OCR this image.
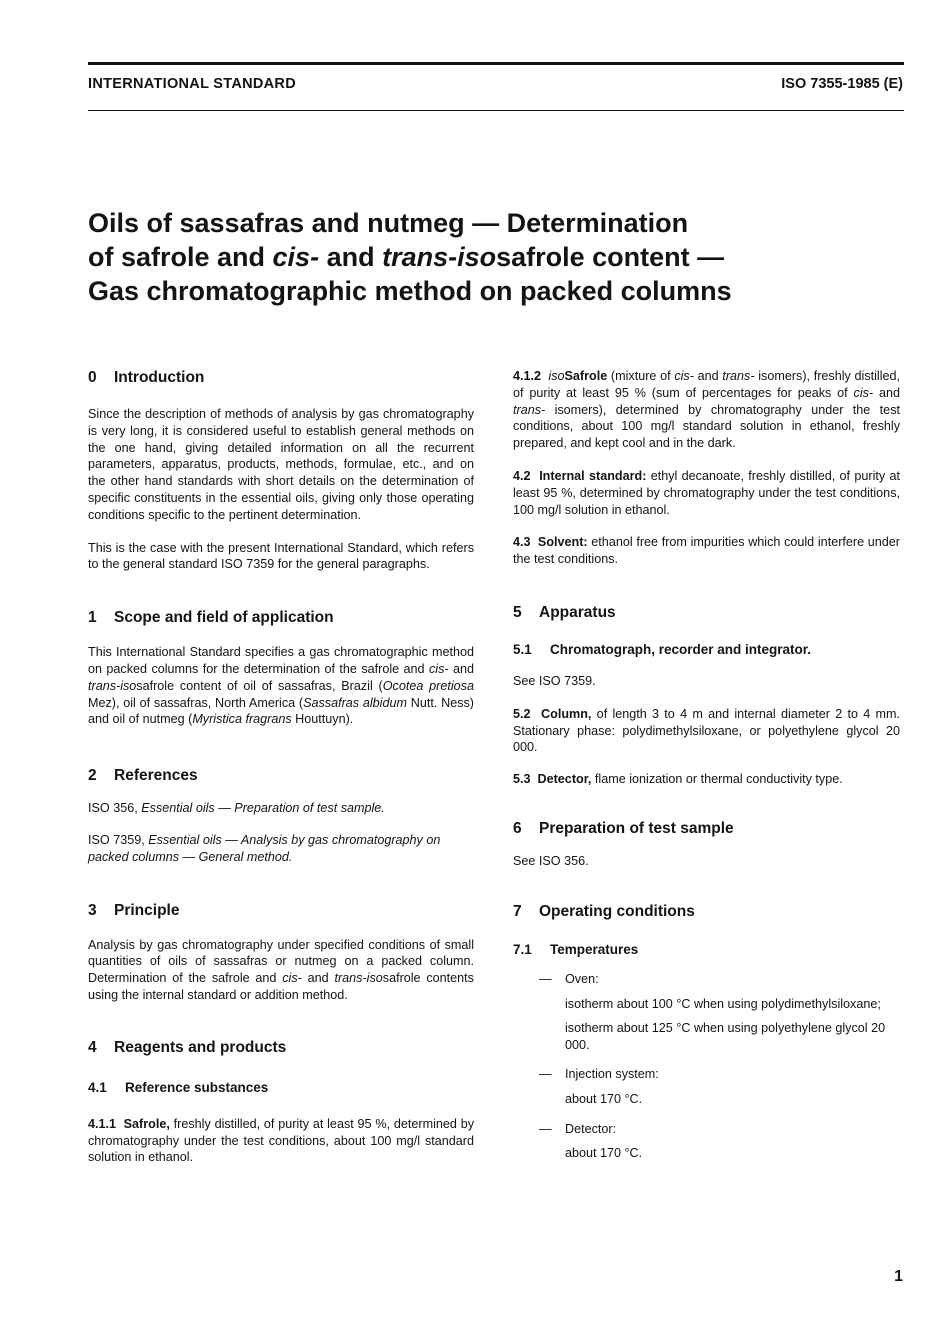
INTERNATIONAL STANDARD	ISO 7355-1985 (E)
Oils of sassafras and nutmeg — Determination
of safrole and cis- and trans-isosafrole content —
Gas chromatographic method on packed columns
0 Introduction

Since the description of methods of analysis by gas chromatography is very long, it is considered useful to establish general methods on the one hand, giving detailed information on all the recurrent parameters, apparatus, products, methods, formulae, etc., and on the other hand standards with short details on the determination of specific constituents in the essential oils, giving only those operating conditions specific to the pertinent determination.

This is the case with the present International Standard, which refers to the general standard ISO 7359 for the general paragraphs.

1 Scope and field of application

This International Standard specifies a gas chromatographic method on packed columns for the determination of the safrole and cis- and trans-isosafrole content of oil of sassafras, Brazil (Ocotea pretiosa Mez), oil of sassafras, North America (Sassafras albidum Nutt. Ness) and oil of nutmeg (Myristica fragrans Houttuyn).

2 References

ISO 356, Essential oils — Preparation of test sample.

ISO 7359, Essential oils — Analysis by gas chromatography on packed columns — General method.

3 Principle

Analysis by gas chromatography under specified conditions of small quantities of oils of sassafras or nutmeg on a packed column. Determination of the safrole and cis- and trans-isosafrole contents using the internal standard or addition method.

4 Reagents and products
4.1 Reference substances

4.1.1 Safrole, freshly distilled, of purity at least 95 %, determined by chromatography under the test conditions, about 100 mg/l standard solution in ethanol.

4.1.2 isoSafrole (mixture of cis- and trans- isomers), freshly distilled, of purity at least 95 % (sum of percentages for peaks of cis- and trans- isomers), determined by chromatography under the test conditions, about 100 mg/l standard solution in ethanol, freshly prepared, and kept cool and in the dark.

4.2 Internal standard: ethyl decanoate, freshly distilled, of purity at least 95 %, determined by chromatography under the test conditions, 100 mg/l solution in ethanol.

4.3 Solvent: ethanol free from impurities which could interfere under the test conditions.

5 Apparatus
5.1 Chromatograph, recorder and integrator.

See ISO 7359.

5.2 Column, of length 3 to 4 m and internal diameter 2 to 4 mm. Stationary phase: polydimethylsiloxane, or polyethylene glycol 20 000.

5.3 Detector, flame ionization or thermal conductivity type.

6 Preparation of test sample

See ISO 356.

7 Operating conditions
7.1 Temperatures
— Oven:

isotherm about 100 °C when using polydimethylsiloxane;

isotherm about 125 °C when using polyethylene glycol 20 000.

— Injection system:

about 170 °C.

— Detector:

about 170 °C.

1
